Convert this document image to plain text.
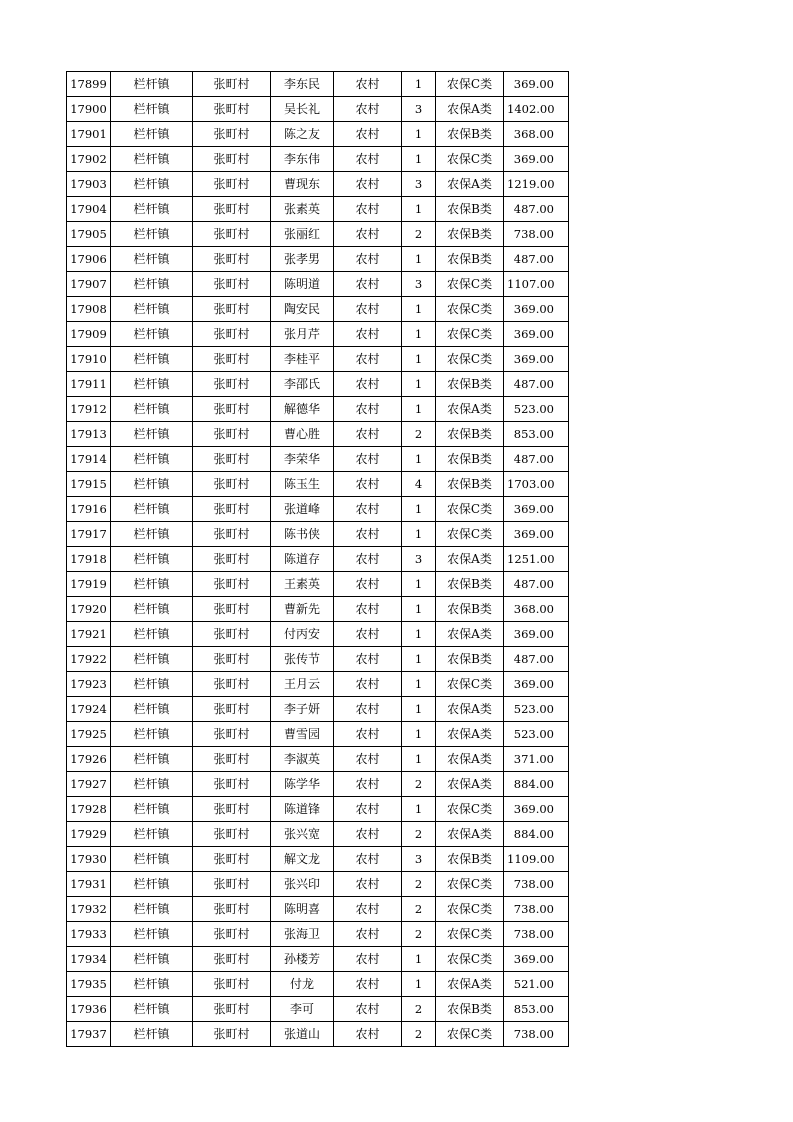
17899	栏杆镇	张町村	李东民	农村	1	农保C类	369.00
17900	栏杆镇	张町村	吴长礼	农村	3	农保A类	1402.00
17901	栏杆镇	张町村	陈之友	农村	1	农保B类	368.00
17902	栏杆镇	张町村	李东伟	农村	1	农保C类	369.00
17903	栏杆镇	张町村	曹现东	农村	3	农保A类	1219.00
17904	栏杆镇	张町村	张素英	农村	1	农保B类	487.00
17905	栏杆镇	张町村	张丽红	农村	2	农保B类	738.00
17906	栏杆镇	张町村	张孝男	农村	1	农保B类	487.00
17907	栏杆镇	张町村	陈明道	农村	3	农保C类	1107.00
17908	栏杆镇	张町村	陶安民	农村	1	农保C类	369.00
17909	栏杆镇	张町村	张月芹	农村	1	农保C类	369.00
17910	栏杆镇	张町村	李桂平	农村	1	农保C类	369.00
17911	栏杆镇	张町村	李邵氏	农村	1	农保B类	487.00
17912	栏杆镇	张町村	解德华	农村	1	农保A类	523.00
17913	栏杆镇	张町村	曹心胜	农村	2	农保B类	853.00
17914	栏杆镇	张町村	李荣华	农村	1	农保B类	487.00
17915	栏杆镇	张町村	陈玉生	农村	4	农保B类	1703.00
17916	栏杆镇	张町村	张道峰	农村	1	农保C类	369.00
17917	栏杆镇	张町村	陈书侠	农村	1	农保C类	369.00
17918	栏杆镇	张町村	陈道存	农村	3	农保A类	1251.00
17919	栏杆镇	张町村	王素英	农村	1	农保B类	487.00
17920	栏杆镇	张町村	曹新先	农村	1	农保B类	368.00
17921	栏杆镇	张町村	付丙安	农村	1	农保A类	369.00
17922	栏杆镇	张町村	张传节	农村	1	农保B类	487.00
17923	栏杆镇	张町村	王月云	农村	1	农保C类	369.00
17924	栏杆镇	张町村	李子妍	农村	1	农保A类	523.00
17925	栏杆镇	张町村	曹雪园	农村	1	农保A类	523.00
17926	栏杆镇	张町村	李淑英	农村	1	农保A类	371.00
17927	栏杆镇	张町村	陈学华	农村	2	农保A类	884.00
17928	栏杆镇	张町村	陈道锋	农村	1	农保C类	369.00
17929	栏杆镇	张町村	张兴宽	农村	2	农保A类	884.00
17930	栏杆镇	张町村	解文龙	农村	3	农保B类	1109.00
17931	栏杆镇	张町村	张兴印	农村	2	农保C类	738.00
17932	栏杆镇	张町村	陈明喜	农村	2	农保C类	738.00
17933	栏杆镇	张町村	张海卫	农村	2	农保C类	738.00
17934	栏杆镇	张町村	孙楼芳	农村	1	农保C类	369.00
17935	栏杆镇	张町村	付龙	农村	1	农保A类	521.00
17936	栏杆镇	张町村	李可	农村	2	农保B类	853.00
17937	栏杆镇	张町村	张道山	农村	2	农保C类	738.00
